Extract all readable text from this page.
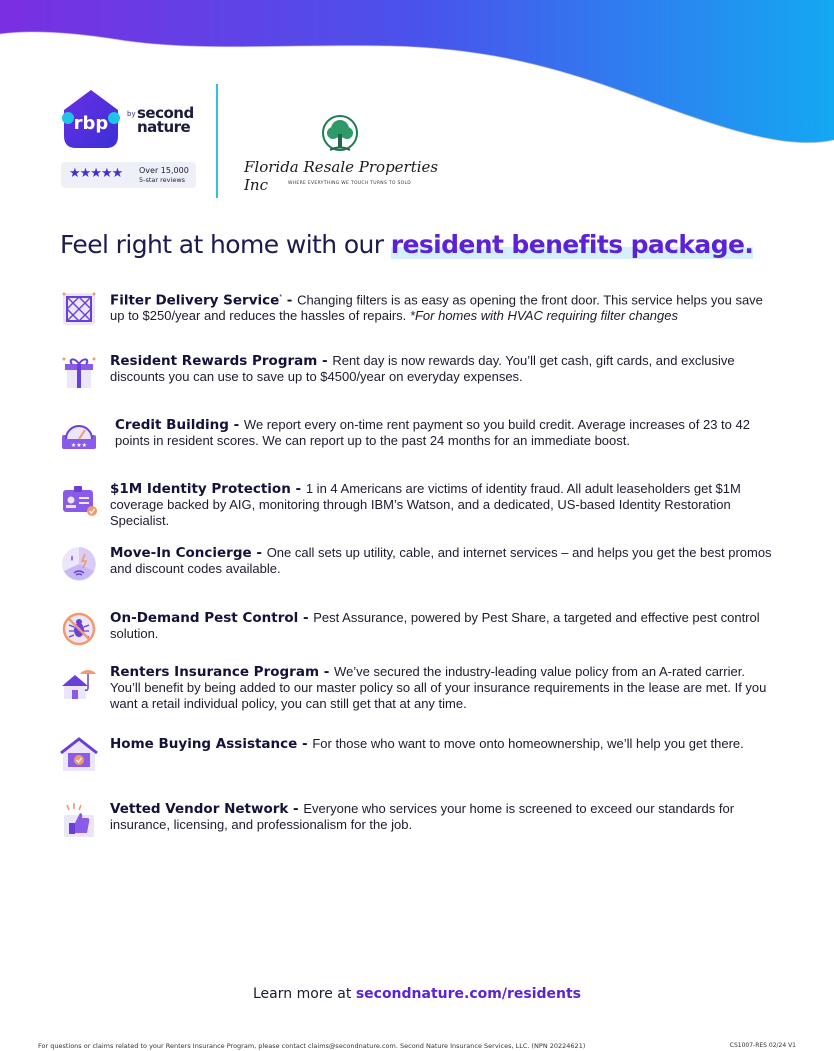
rbp	by second
nature
★★★★★ Over 15,000
5-star reviews
Florida Resale Properties Inc	WHERE EVERYTHING WE TOUCH TURNS TO SOLD
Feel right at home with our resident benefits package.
Filter Delivery Service* - Changing filters is as easy as opening the front door. This service helps you save up to $250/year and reduces the hassles of repairs. *For homes with HVAC requiring filter changes
Resident Rewards Program - Rent day is now rewards day. You’ll get cash, gift cards, and exclusive discounts you can use to save up to $4500/year on everyday expenses.
★★★
Credit Building - We report every on-time rent payment so you build credit. Average increases of 23 to 42 points in resident scores. We can report up to the past 24 months for an immediate boost.
$1M Identity Protection - 1 in 4 Americans are victims of identity fraud. All adult leaseholders get $1M coverage backed by AIG, monitoring through IBM’s Watson, and a dedicated, US-based Identity Restoration Specialist.
Move-In Concierge - One call sets up utility, cable, and internet services – and helps you get the best promos and discount codes available.
On-Demand Pest Control - Pest Assurance, powered by Pest Share, a targeted and effective pest control solution.
Renters Insurance Program - We’ve secured the industry-leading value policy from an A-rated carrier. You’ll benefit by being added to our master policy so all of your insurance requirements in the lease are met. If you want a retail individual policy, you can still get that at any time.
Home Buying Assistance - For those who want to move onto homeownership, we’ll help you get there.
Vetted Vendor Network - Everyone who services your home is screened to exceed our standards for insurance, licensing, and professionalism for the job.
Learn more at secondnature.com/residents
For questions or claims related to your Renters Insurance Program, please contact claims@secondnature.com. Second Nature Insurance Services, LLC. (NPN 20224621)	CS1007-RES 02/24 V1
